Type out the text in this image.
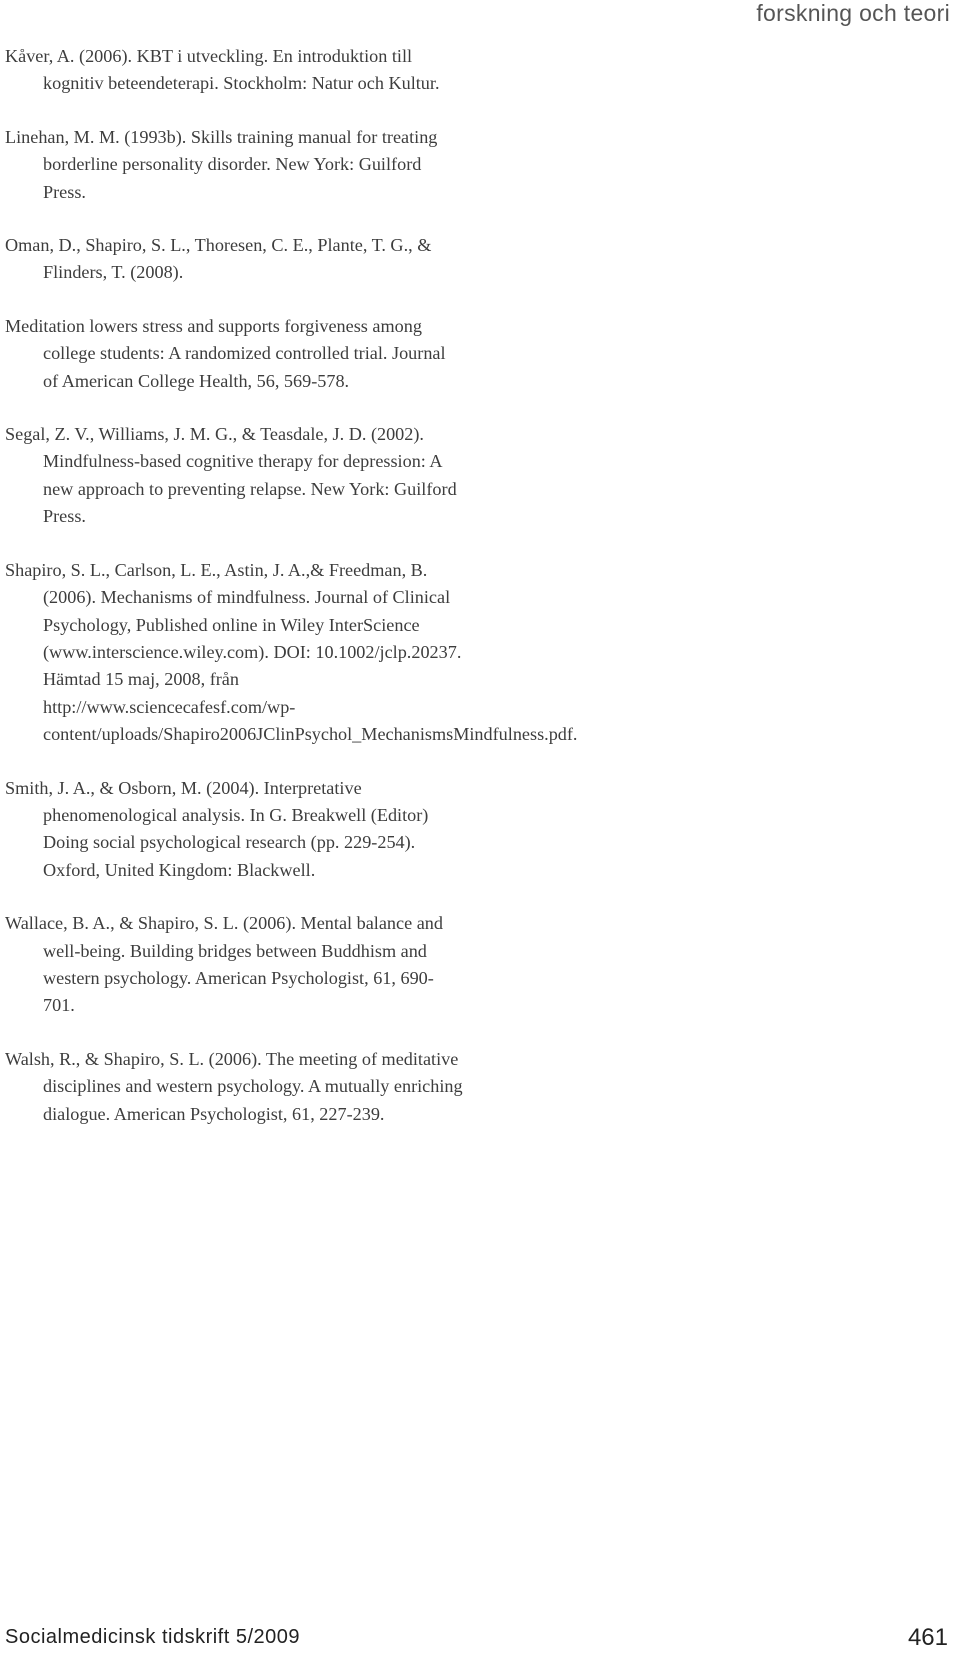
forskning och teori

Kåver, A. (2006). KBT i utveckling. En introduktion till kognitiv beteendeterapi. Stockholm: Natur och Kultur.

Linehan, M. M. (1993b). Skills training manual for treating borderline personality disorder. New York: Guilford Press.

Oman, D., Shapiro, S. L., Thoresen, C. E., Plante, T. G., & Flinders, T. (2008).

Meditation lowers stress and supports forgiveness among college students: A randomized controlled trial. Journal of American College Health, 56, 569-578.

Segal, Z. V., Williams, J. M. G., & Teasdale, J. D. (2002). Mindfulness-based cognitive therapy for depression: A new approach to preventing relapse. New York: Guilford Press.

Shapiro, S. L., Carlson, L. E., Astin, J. A.,& Freedman, B. (2006). Mechanisms of mindfulness. Journal of Clinical Psychology, Published online in Wiley InterScience (www.interscience.wiley.com). DOI: 10.1002/jclp.20237. Hämtad 15 maj, 2008, från http://www.sciencecafesf.com/wp- content/uploads/Shapiro2006JClinPsychol_MechanismsMindfulness.pdf.

Smith, J. A., & Osborn, M. (2004). Interpretative phenomenological analysis. In G. Breakwell (Editor) Doing social psychological research (pp. 229-254). Oxford, United Kingdom: Blackwell.

Wallace, B. A., & Shapiro, S. L. (2006). Mental balance and well-being. Building bridges between Buddhism and western psychology. American Psychologist, 61, 690-701.

Walsh, R., & Shapiro, S. L. (2006). The meeting of meditative disciplines and western psychology. A mutually enriching dialogue. American Psychologist, 61, 227-239.

Socialmedicinsk tidskrift 5/2009	461
